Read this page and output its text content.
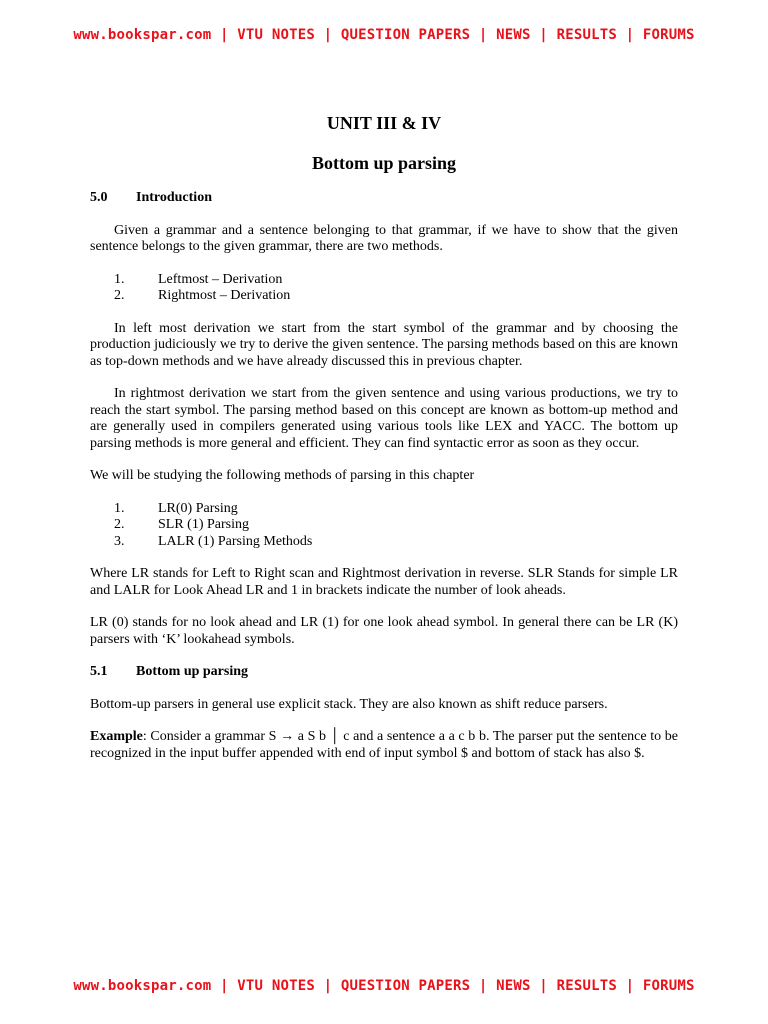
www.bookspar.com | VTU NOTES | QUESTION PAPERS | NEWS | RESULTS | FORUMS
UNIT III & IV
Bottom up parsing
5.0	Introduction

Given a grammar and a sentence belonging to that grammar, if we have to show that the given sentence belongs to the given grammar, there are two methods.

1.	Leftmost – Derivation
2.	Rightmost – Derivation

In left most derivation we start from the start symbol of the grammar and by choosing the production judiciously we try to derive the given sentence. The parsing methods based on this are known as top-down methods and we have already discussed this in previous chapter.

In rightmost derivation we start from the given sentence and using various productions, we try to reach the start symbol. The parsing method based on this concept are known as bottom-up method and are generally used in compilers generated using various tools like LEX and YACC. The bottom up parsing methods is more general and efficient. They can find syntactic error as soon as they occur.

We will be studying the following methods of parsing in this chapter

1.	LR(0) Parsing
2.	SLR (1) Parsing
3.	LALR (1) Parsing Methods

Where LR stands for Left to Right scan and Rightmost derivation in reverse. SLR Stands for simple LR and LALR for Look Ahead LR and 1 in brackets indicate the number of look aheads.

LR (0) stands for no look ahead and LR (1) for one look ahead symbol. In general there can be LR (K) parsers with ‘K’ lookahead symbols.

5.1	Bottom up parsing

Bottom-up parsers in general use explicit stack. They are also known as shift reduce parsers.

Example: Consider a grammar S → a S b │ c and a sentence a a c b b. The parser put the sentence to be recognized in the input buffer appended with end of input symbol $ and bottom of stack has also $.

www.bookspar.com | VTU NOTES | QUESTION PAPERS | NEWS | RESULTS | FORUMS
